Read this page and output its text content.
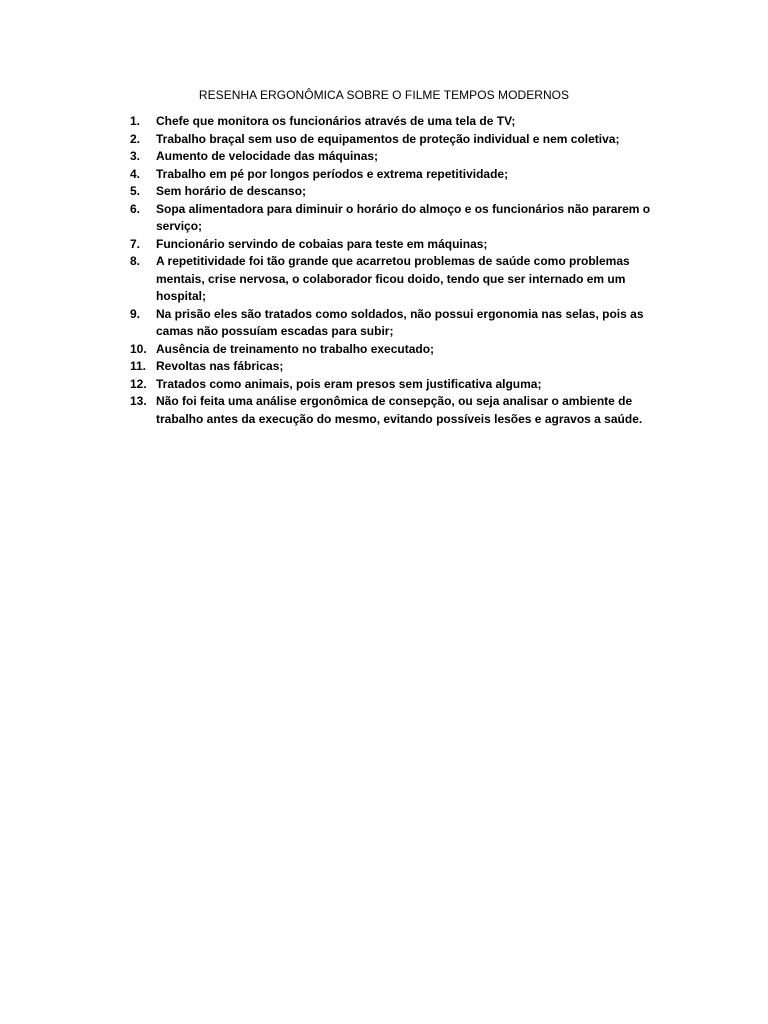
RESENHA ERGONÔMICA SOBRE O FILME TEMPOS MODERNOS
1.	Chefe que monitora os funcionários através de uma tela de TV;
2.	Trabalho braçal sem uso de equipamentos de proteção individual e nem coletiva;
3.	Aumento de velocidade das máquinas;
4.	Trabalho em pé por longos períodos e extrema repetitividade;
5.	Sem horário de descanso;
6.	Sopa alimentadora para diminuir o horário do almoço e os funcionários não pararem o serviço;
7.	Funcionário servindo de cobaias para teste em máquinas;
8.	A repetitividade foi tão grande que acarretou problemas de saúde como problemas mentais, crise nervosa, o colaborador ficou doido, tendo que ser internado em um hospital;
9.	Na prisão eles são tratados como soldados, não possui ergonomia nas selas, pois as camas não possuíam escadas para subir;
10. Ausência de treinamento no trabalho executado;
11. Revoltas nas fábricas;
12. Tratados como animais, pois eram presos sem justificativa alguma;
13. Não foi feita uma análise ergonômica de consepção, ou seja analisar o ambiente de trabalho antes da execução do mesmo, evitando possíveis lesões e agravos a saúde.
